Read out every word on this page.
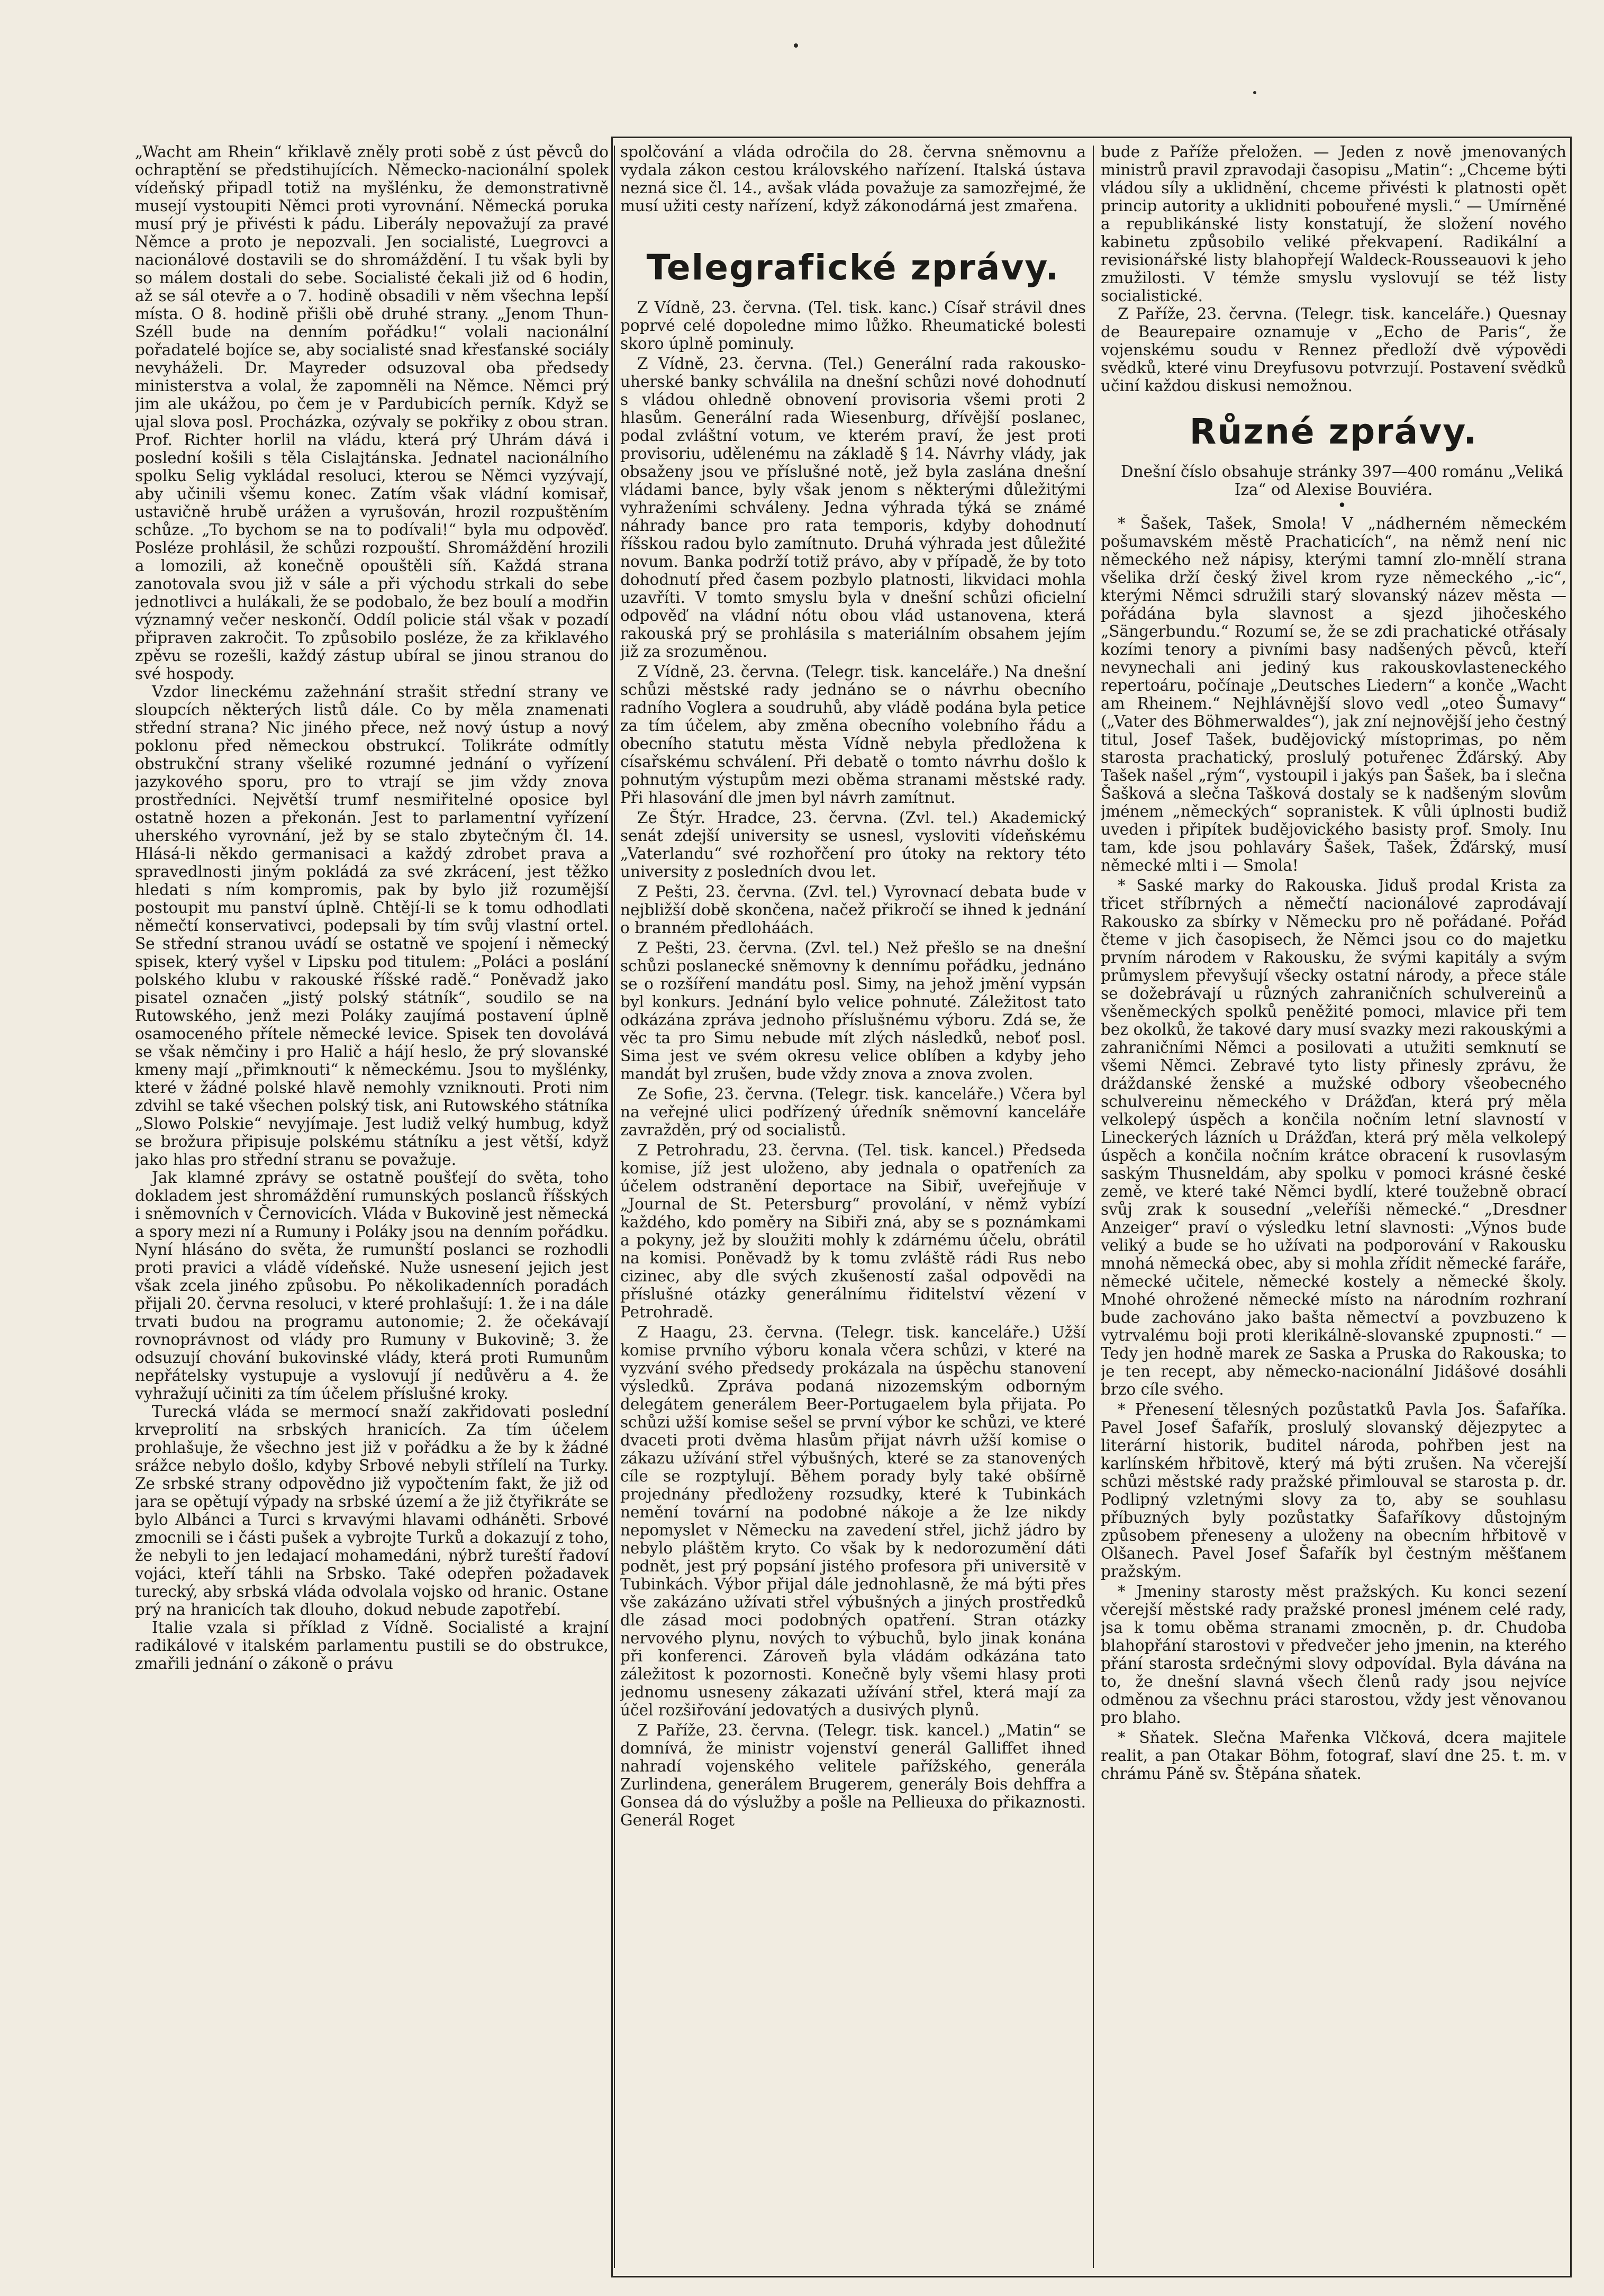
„Wacht am Rhein“ křiklavě zněly proti sobě z úst pěvců do ochraptění se předstihujících. Německo-nacionální spolek vídeňský připadl totiž na myšlénku, že demonstrativně musejí vystoupiti Němci proti vyrovnání. Německá poruka musí prý je přivésti k pádu. Liberály nepovažují za pravé Němce a proto je nepozvali. Jen socialisté, Luegrovci a nacionálové dostavili se do shromáždění. I tu však byli by so málem dostali do sebe. Socialisté čekali již od 6 hodin, až se sál otevře a o 7. hodině obsadili v něm všechna lepší místa. O 8. hodině přišli obě druhé strany. „Jenom Thun-Széll bude na denním pořádku!“ volali nacionální pořadatelé bojíce se, aby socialisté snad křesťanské sociály nevyháželi. Dr. Mayreder odsuzoval oba předsedy ministerstva a volal, že zapomněli na Němce. Němci prý jim ale ukážou, po čem je v Pardubicích perník. Když se ujal slova posl. Procházka, ozývaly se pokřiky z obou stran. Prof. Richter horlil na vládu, která prý Uhrám dává i poslední košili s těla Cislajtánska. Jednatel nacionálního spolku Selig vykládal resoluci, kterou se Němci vyzývají, aby učinili všemu konec. Zatím však vládní komisař, ustavičně hrubě urážen a vyrušován, hrozil rozpuštěním schůze. „To bychom se na to podívali!“ byla mu odpověď. Posléze prohlásil, že schůzi rozpouští. Shromáždění hrozili a lomozili, až konečně opouštěli síň. Každá strana zanotovala svou již v sále a při východu strkali do sebe jednotlivci a hulákali, že se podobalo, že bez boulí a modřin významný večer neskončí. Oddíl policie stál však v pozadí připraven zakročit. To způsobilo posléze, že za křiklavého zpěvu se rozešli, každý zástup ubíral se jinou stranou do své hospody.

Vzdor lineckému zažehnání strašit střední strany ve sloupcích některých listů dále. Co by měla znamenati střední strana? Nic jiného přece, než nový ústup a nový poklonu před německou obstrukcí. Tolikráte odmítly obstrukční strany všeliké rozumné jednání o vyřízení jazykového sporu, pro to vtrají se jim vždy znova prostředníci. Největší trumf nesmiřitelné oposice byl ostatně hozen a překonán. Jest to parlamentní vyřízení uherského vyrovnání, jež by se stalo zbytečným čl. 14. Hlásá-li někdo germanisaci a každý zdrobet prava a spravedlnosti jiným pokládá za své zkrácení, jest těžko hledati s ním kompromis, pak by bylo již rozumější postoupit mu panství úplně. Chtějí-li se k tomu odhodlati němečtí konservativci, podepsali by tím svůj vlastní ortel. Se střední stranou uvádí se ostatně ve spojení i německý spisek, který vyšel v Lipsku pod titulem: „Poláci a poslání polského klubu v rakouské říšské radě.“ Poněvadž jako pisatel označen „jistý polský státník“, soudilo se na Rutowského, jenž mezi Poláky zaujímá postavení úplně osamoceného přítele německé levice. Spisek ten dovolává se však němčiny i pro Halič a hájí heslo, že prý slovanské kmeny mají „přimknouti“ k německému. Jsou to myšlénky, které v žádné polské hlavě nemohly vzniknouti. Proti nim zdvihl se také všechen polský tisk, ani Rutowského státníka „Slowo Polskie“ nevyjímaje. Jest ludiž velký humbug, když se brožura připisuje polskému státníku a jest větší, když jako hlas pro střední stranu se považuje.

Jak klamné zprávy se ostatně poušťejí do světa, toho dokladem jest shromáždění rumunských poslanců říšských i sněmovních v Černovicích. Vláda v Bukovině jest německá a spory mezi ní a Rumuny i Poláky jsou na denním pořádku. Nyní hlásáno do světa, že rumunští poslanci se rozhodli proti pravici a vládě vídeňské. Nuže usnesení jejich jest však zcela jiného způsobu. Po několikadenních poradách přijali 20. června resoluci, v které prohlašují: 1. že i na dále trvati budou na programu autonomie; 2. že očekávají rovnoprávnost od vlády pro Rumuny v Bukovině; 3. že odsuzují chování bukovinské vlády, která proti Rumunům nepřátelsky vystupuje a vyslovují jí nedůvěru a 4. že vyhražují učiniti za tím účelem příslušné kroky.

Turecká vláda se mermocí snaží zakřidovati poslední krveprolití na srbských hranicích. Za tím účelem prohlašuje, že všechno jest již v pořádku a že by k žádné srážce nebylo došlo, kdyby Srbové nebyli střílelí na Turky. Ze srbské strany odpovědno již vypočtením fakt, že již od jara se opětují výpady na srbské území a že již čtyřikráte se bylo Albánci a Turci s krvavými hlavami odháněti. Srbové zmocnili se i části pušek a vybrojte Turků a dokazují z toho, že nebyli to jen ledajací mohamedáni, nýbrž tureští řadoví vojáci, kteří táhli na Srbsko. Také odepřen požadavek turecký, aby srbská vláda odvolala vojsko od hranic. Ostane prý na hranicích tak dlouho, dokud nebude zapotřebí.

Italie vzala si příklad z Vídně. Socialisté a krajní radikálové v italském parlamentu pustili se do obstrukce, zmařili jednání o zákoně o právu

spolčování a vláda odročila do 28. června sněmovnu a vydala zákon cestou královského nařízení. Italská ústava nezná sice čl. 14., avšak vláda považuje za samozřejmé, že musí užiti cesty nařízení, když zákonodárná jest zmařena.

Telegrafické zprávy.

Z Vídně, 23. června. (Tel. tisk. kanc.) Císař strávil dnes poprvé celé dopoledne mimo lůžko. Rheumatické bolesti skoro úplně pominuly.

Z Vídně, 23. června. (Tel.) Generální rada rakousko-uherské banky schválila na dnešní schůzi nové dohodnutí s vládou ohledně obnovení provisoria všemi proti 2 hlasům. Generální rada Wiesenburg, dřívější poslanec, podal zvláštní votum, ve kterém praví, že jest proti provisoriu, udělenému na základě § 14. Návrhy vlády, jak obsaženy jsou ve příslušné notě, jež byla zaslána dnešní vládami bance, byly však jenom s některými důležitými vyhraženími schváleny. Jedna výhrada týká se známé náhrady bance pro rata temporis, kdyby dohodnutí říšskou radou bylo zamítnuto. Druhá výhrada jest důležité novum. Banka podrží totiž právo, aby v případě, že by toto dohodnutí před časem pozbylo platnosti, likvidaci mohla uzavříti. V tomto smyslu byla v dnešní schůzi oficielní odpověď na vládní nótu obou vlád ustanovena, která rakouská prý se prohlásila s materiálním obsahem jejím již za srozuměnou.

Z Vídně, 23. června. (Telegr. tisk. kanceláře.) Na dnešní schůzi městské rady jednáno se o návrhu obecního radního Voglera a soudruhů, aby vládě podána byla petice za tím účelem, aby změna obecního volebního řádu a obecního statutu města Vídně nebyla předložena k císařskému schválení. Při debatě o tomto návrhu došlo k pohnutým výstupům mezi oběma stranami městské rady. Při hlasování dle jmen byl návrh zamítnut.

Ze Štýr. Hradce, 23. června. (Zvl. tel.) Akademický senát zdejší university se usnesl, vysloviti vídeňskému „Vaterlandu“ své rozhořčení pro útoky na rektory této university z posledních dvou let.

Z Pešti, 23. června. (Zvl. tel.) Vyrovnací debata bude v nejbližší době skončena, načež přikročí se ihned k jednání o branném předloháách.

Z Pešti, 23. června. (Zvl. tel.) Než přešlo se na dnešní schůzi poslanecké sněmovny k dennímu pořádku, jednáno se o rozšíření mandátu posl. Simy, na jehož jmění vypsán byl konkurs. Jednání bylo velice pohnuté. Záležitost tato odkázána zpráva jednoho příslušnému výboru. Zdá se, že věc ta pro Simu nebude mít zlých následků, neboť posl. Sima jest ve svém okresu velice oblíben a kdyby jeho mandát byl zrušen, bude vždy znova a znova zvolen.

Ze Sofie, 23. června. (Telegr. tisk. kanceláře.) Včera byl na veřejné ulici podřízený úředník sněmovní kanceláře zavražděn, prý od socialistů.

Z Petrohradu, 23. června. (Tel. tisk. kancel.) Předseda komise, jíž jest uloženo, aby jednala o opatřeních za účelem odstranění deportace na Sibiř, uveřejňuje v „Journal de St. Petersburg“ provolání, v němž vybízí každého, kdo poměry na Sibiři zná, aby se s poznámkami a pokyny, jež by sloužiti mohly k zdárnému účelu, obrátil na komisi. Poněvadž by k tomu zvláště rádi Rus nebo cizinec, aby dle svých zkušeností zašal odpovědi na příslušné otázky generálnímu řiditelství vězení v Petrohradě.

Z Haagu, 23. června. (Telegr. tisk. kanceláře.) Užší komise prvního výboru konala včera schůzi, v které na vyzvání svého předsedy prokázala na úspěchu stanovení výsledků. Zpráva podaná nizozemským odborným delegátem generálem Beer-Portugaelem byla přijata. Po schůzi užší komise sešel se první výbor ke schůzi, ve které dvaceti proti dvěma hlasům přijat návrh užší komise o zákazu užívání střel výbušných, které se za stanovených cíle se rozptylují. Během porady byly také obšírně projednány předloženy rozsudky, které k Tubinkách nemění tovární na podobné nákoje a že lze nikdy nepomyslet v Německu na zavedení střel, jichž jádro by nebylo pláštěm kryto. Co však by k nedorozumění dáti podnět, jest prý popsání jistého profesora při universitě v Tubinkách. Výbor přijal dále jednohlasně, že má býti přes vše zakázáno užívati střel výbušných a jiných prostředků dle zásad moci podobných opatření. Stran otázky nervového plynu, nových to výbuchů, bylo jinak konána při konferenci. Zároveň byla vládám odkázána tato záležitost k pozornosti. Konečně byly všemi hlasy proti jednomu usneseny zákazati užívání střel, která mají za účel rozšiřování jedovatých a dusivých plynů.

Z Paříže, 23. června. (Telegr. tisk. kancel.) „Matin“ se domnívá, že ministr vojenství generál Galliffet ihned nahradí vojenského velitele pařížského, generála Zurlindena, generálem Brugerem, generály Bois dehffra a Gonsea dá do výslužby a pošle na Pellieuxa do přikaznosti. Generál Roget

bude z Paříže přeložen. — Jeden z nově jmenovaných ministrů pravil zpravodaji časopisu „Matin“: „Chceme býti vládou síly a uklidnění, chceme přivésti k platnosti opět princip autority a uklidniti pobouřené mysli.“ — Umírněné a republikánské listy konstatují, že složení nového kabinetu způsobilo veliké překvapení. Radikální a revisionářské listy blahopřejí Waldeck-Rousseauovi k jeho zmužilosti. V témže smyslu vyslovují se též listy socialistické.

Z Paříže, 23. června. (Telegr. tisk. kanceláře.) Quesnay de Beaurepaire oznamuje v „Echo de Paris“, že vojenskému soudu v Rennez předloží dvě výpovědi svědků, které vinu Dreyfusovu potvrzují. Postavení svědků učiní každou diskusi nemožnou.

Různé zprávy.

Dnešní číslo obsahuje stránky 397—400 románu „Veliká Iza“ od Alexise Bouviéra.

•

* Šašek, Tašek, Smola! V „nádherném německém pošumavském městě Prachaticích“, na němž není nic německého než nápisy, kterými tamní zlo-mnělí strana všelika drží český živel krom ryze německého „-ic“, kterými Němci sdružili starý slovanský název města — pořádána byla slavnost a sjezd jihočeského „Sängerbundu.“ Rozumí se, že se zdi prachatické otřásaly kozími tenory a pivními basy nadšených pěvců, kteří nevynechali ani jediný kus rakouskovlasteneckého repertoáru, počínaje „Deutsches Liedern“ a konče „Wacht am Rheinem.“ Nejhlávnější slovo vedl „oteo Šumavy“ („Vater des Böhmerwaldes“), jak zní nejnovější jeho čestný titul, Josef Tašek, budějovický místoprimas, po něm starosta prachatický, proslulý potuřenec Žďárský. Aby Tašek našel „rým“, vystoupil i jakýs pan Šašek, ba i slečna Šašková a slečna Tašková dostaly se k nadšeným slovům jménem „německých“ sopranistek. K vůli úplnosti budiž uveden i připítek budějovického basisty prof. Smoly. Inu tam, kde jsou pohlaváry Šašek, Tašek, Žďárský, musí německé mlti i — Smola!

* Saské marky do Rakouska. Jiduš prodal Krista za třicet stříbrných a němečtí nacionálové zaprodávají Rakousko za sbírky v Německu pro ně pořádané. Pořád čteme v jich časopisech, že Němci jsou co do majetku prvním národem v Rakousku, že svými kapitály a svým průmyslem převyšují všecky ostatní národy, a přece stále se dožebrávají u různých zahraničních schulvereinů a všeněmeckých spolků peněžité pomoci, mlavice při tem bez okolků, že takové dary musí svazky mezi rakouskými a zahraničními Němci a posilovati a utužiti semknutí se všemi Němci. Zebravé tyto listy přinesly zprávu, že dráždanské ženské a mužské odbory všeobecného schulvereinu německého v Drážďan, která prý měla velkolepý úspěch a končila nočním letní slavností v Lineckerých lázních u Drážďan, která prý měla velkolepý úspěch a končila nočním krátce obracení k rusovlasým saským Thusneldám, aby spolku v pomoci krásné české země, ve které také Němci bydlí, které toužebně obrací svůj zrak k sousední „veleříši německé.“ „Dresdner Anzeiger“ praví o výsledku letní slavnosti: „Výnos bude veliký a bude se ho užívati na podporování v Rakousku mnohá německá obec, aby si mohla zřídit německé faráře, německé učitele, německé kostely a německé školy. Mnohé ohrožené německé místo na národním rozhraní bude zachováno jako bašta němectví a povzbuzeno k vytrvalému boji proti klerikálně-slovanské zpupnosti.“ — Tedy jen hodně marek ze Saska a Pruska do Rakouska; to je ten recept, aby německo-nacionální Jidášové dosáhli brzo cíle svého.

* Přenesení tělesných pozůstatků Pavla Jos. Šafaříka. Pavel Josef Šafařík, proslulý slovanský dějezpytec a literární historik, buditel národa, pohřben jest na karlínském hřbitově, který má býti zrušen. Na včerejší schůzi městské rady pražské přimlouval se starosta p. dr. Podlipný vzletnými slovy za to, aby se souhlasu příbuzných byly pozůstatky Šafaříkovy důstojným způsobem přeneseny a uloženy na obecním hřbitově v Olšanech. Pavel Josef Šafařík byl čestným měšťanem pražským.

* Jmeniny starosty měst pražských. Ku konci sezení včerejší městské rady pražské pronesl jménem celé rady, jsa k tomu oběma stranami zmocněn, p. dr. Chudoba blahopřání starostovi v předvečer jeho jmenin, na kterého přání starosta srdečnými slovy odpovídal. Byla dávána na to, že dnešní slavná všech členů rady jsou nejvíce odměnou za všechnu práci starostou, vždy jest věnovanou pro blaho.

* Sňatek. Slečna Mařenka Vlčková, dcera majitele realit, a pan Otakar Böhm, fotograf, slaví dne 25. t. m. v chrámu Páně sv. Štěpána sňatek.
